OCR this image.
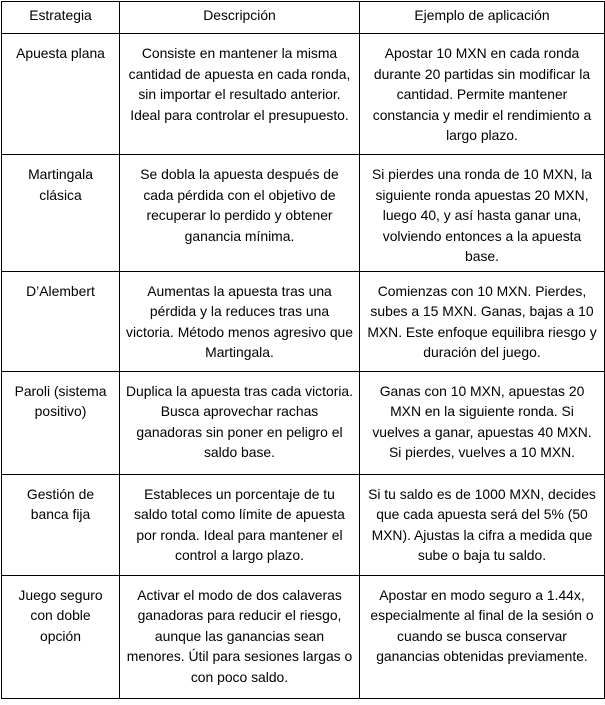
Estrategia	Descripción	Ejemplo de aplicación
Apuesta plana	Consiste en mantener la misma cantidad de apuesta en cada ronda, sin importar el resultado anterior. Ideal para controlar el presupuesto.	Apostar 10 MXN en cada ronda durante 20 partidas sin modificar la cantidad. Permite mantener constancia y medir el rendimiento a largo plazo.
Martingala clásica	Se dobla la apuesta después de cada pérdida con el objetivo de recuperar lo perdido y obtener ganancia mínima.	Si pierdes una ronda de 10 MXN, la siguiente ronda apuestas 20 MXN, luego 40, y así hasta ganar una, volviendo entonces a la apuesta base.
D’Alembert	Aumentas la apuesta tras una pérdida y la reduces tras una victoria. Método menos agresivo que Martingala.	Comienzas con 10 MXN. Pierdes, subes a 15 MXN. Ganas, bajas a 10 MXN. Este enfoque equilibra riesgo y duración del juego.
Paroli (sistema positivo)	Duplica la apuesta tras cada victoria. Busca aprovechar rachas ganadoras sin poner en peligro el saldo base.	Ganas con 10 MXN, apuestas 20 MXN en la siguiente ronda. Si vuelves a ganar, apuestas 40 MXN. Si pierdes, vuelves a 10 MXN.
Gestión de banca fija	Estableces un porcentaje de tu saldo total como límite de apuesta por ronda. Ideal para mantener el control a largo plazo.	Si tu saldo es de 1000 MXN, decides que cada apuesta será del 5% (50 MXN). Ajustas la cifra a medida que sube o baja tu saldo.
Juego seguro con doble opción	Activar el modo de dos calaveras ganadoras para reducir el riesgo, aunque las ganancias sean menores. Útil para sesiones largas o con poco saldo.	Apostar en modo seguro a 1.44x, especialmente al final de la sesión o cuando se busca conservar ganancias obtenidas previamente.
